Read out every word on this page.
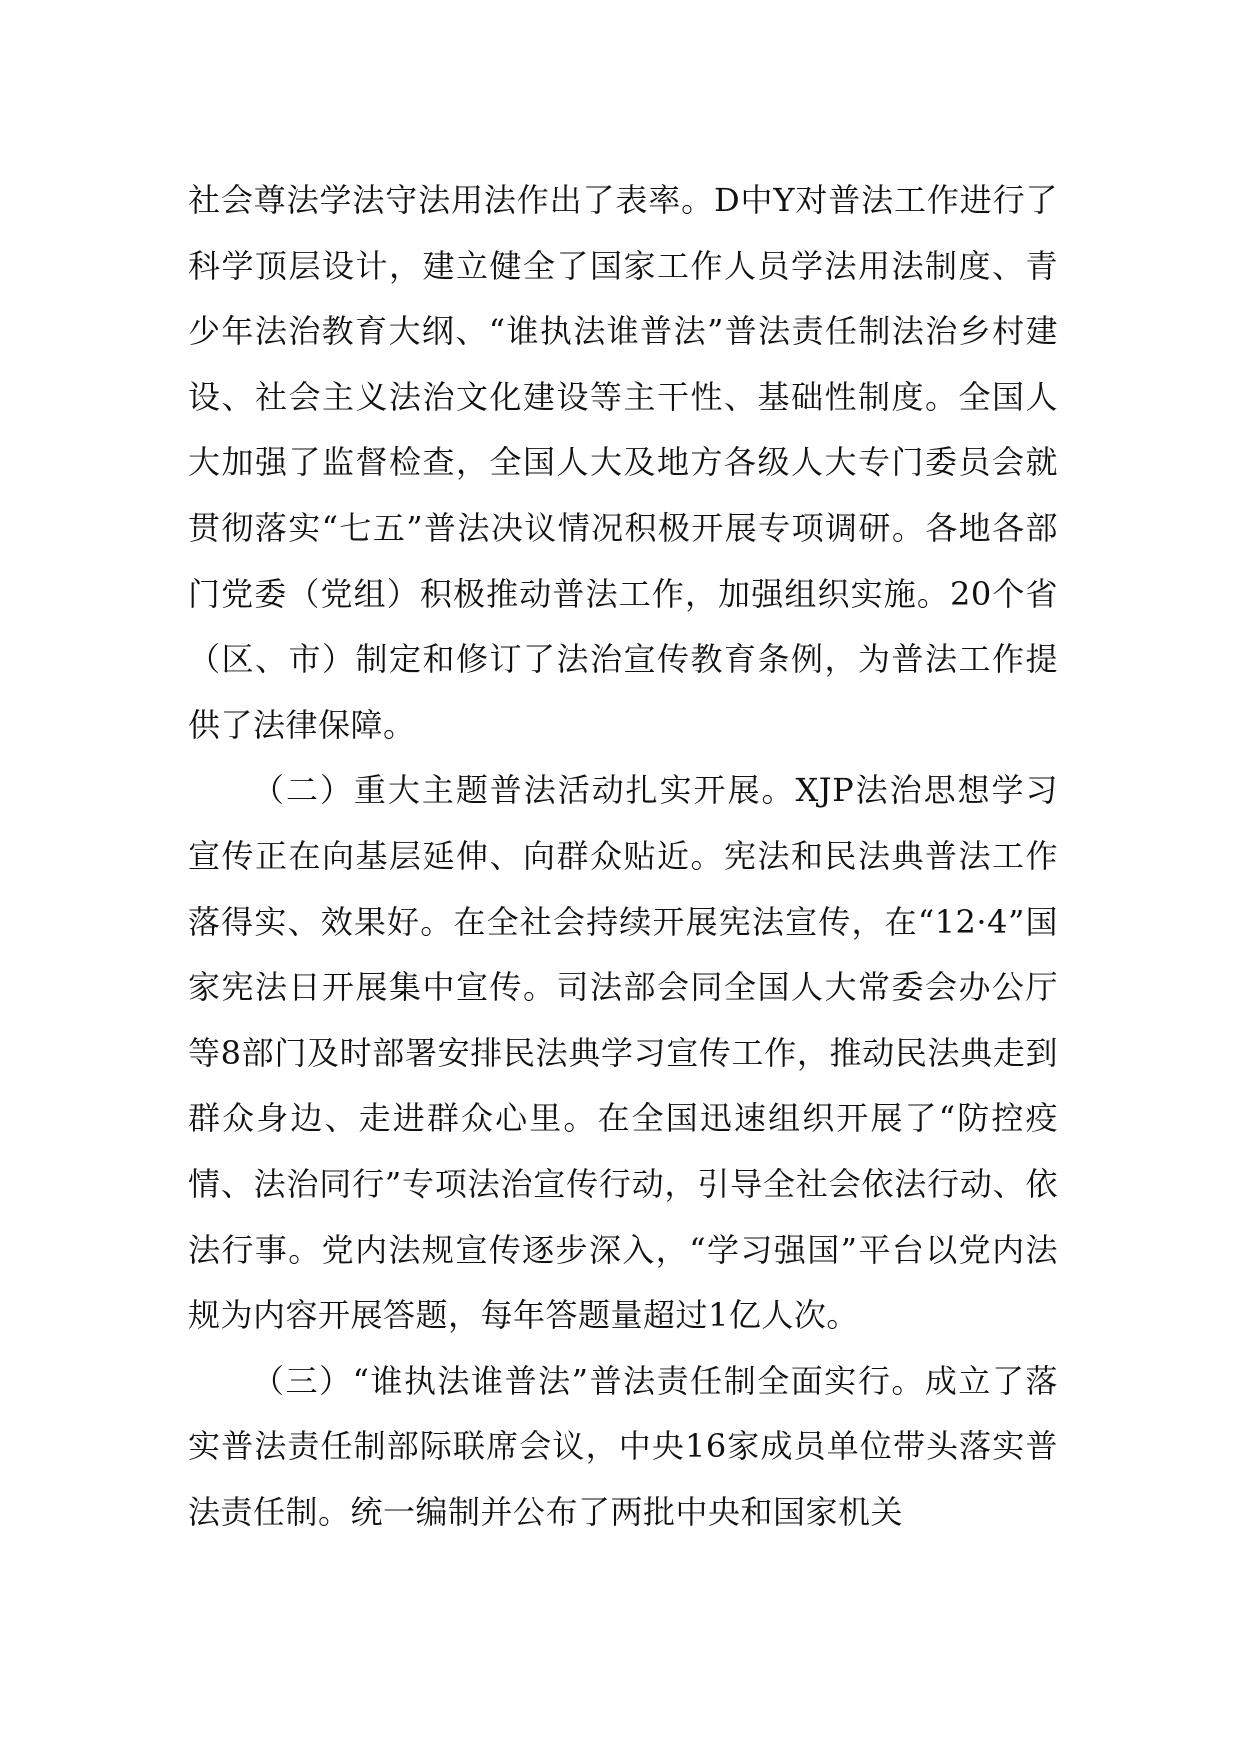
社会尊法学法守法用法作出了表率。D中Y对普法工作进行了科学顶层设计，建立健全了国家工作人员学法用法制度、青少年法治教育大纲、“谁执法谁普法”普法责任制法治乡村建设、社会主义法治文化建设等主干性、基础性制度。全国人大加强了监督检查，全国人大及地方各级人大专门委员会就贯彻落实“七五”普法决议情况积极开展专项调研。各地各部门党委（党组）积极推动普法工作，加强组织实施。20个省（区、市）制定和修订了法治宣传教育条例，为普法工作提供了法律保障。

（二）重大主题普法活动扎实开展。XJP法治思想学习宣传正在向基层延伸、向群众贴近。宪法和民法典普法工作落得实、效果好。在全社会持续开展宪法宣传，在“12·4”国家宪法日开展集中宣传。司法部会同全国人大常委会办公厅等8部门及时部署安排民法典学习宣传工作，推动民法典走到群众身边、走进群众心里。在全国迅速组织开展了“防控疫情、法治同行”专项法治宣传行动，引导全社会依法行动、依法行事。党内法规宣传逐步深入，“学习强国”平台以党内法规为内容开展答题，每年答题量超过1亿人次。

（三）“谁执法谁普法”普法责任制全面实行。成立了落实普法责任制部际联席会议，中央16家成员单位带头落实普法责任制。统一编制并公布了两批中央和国家机关
